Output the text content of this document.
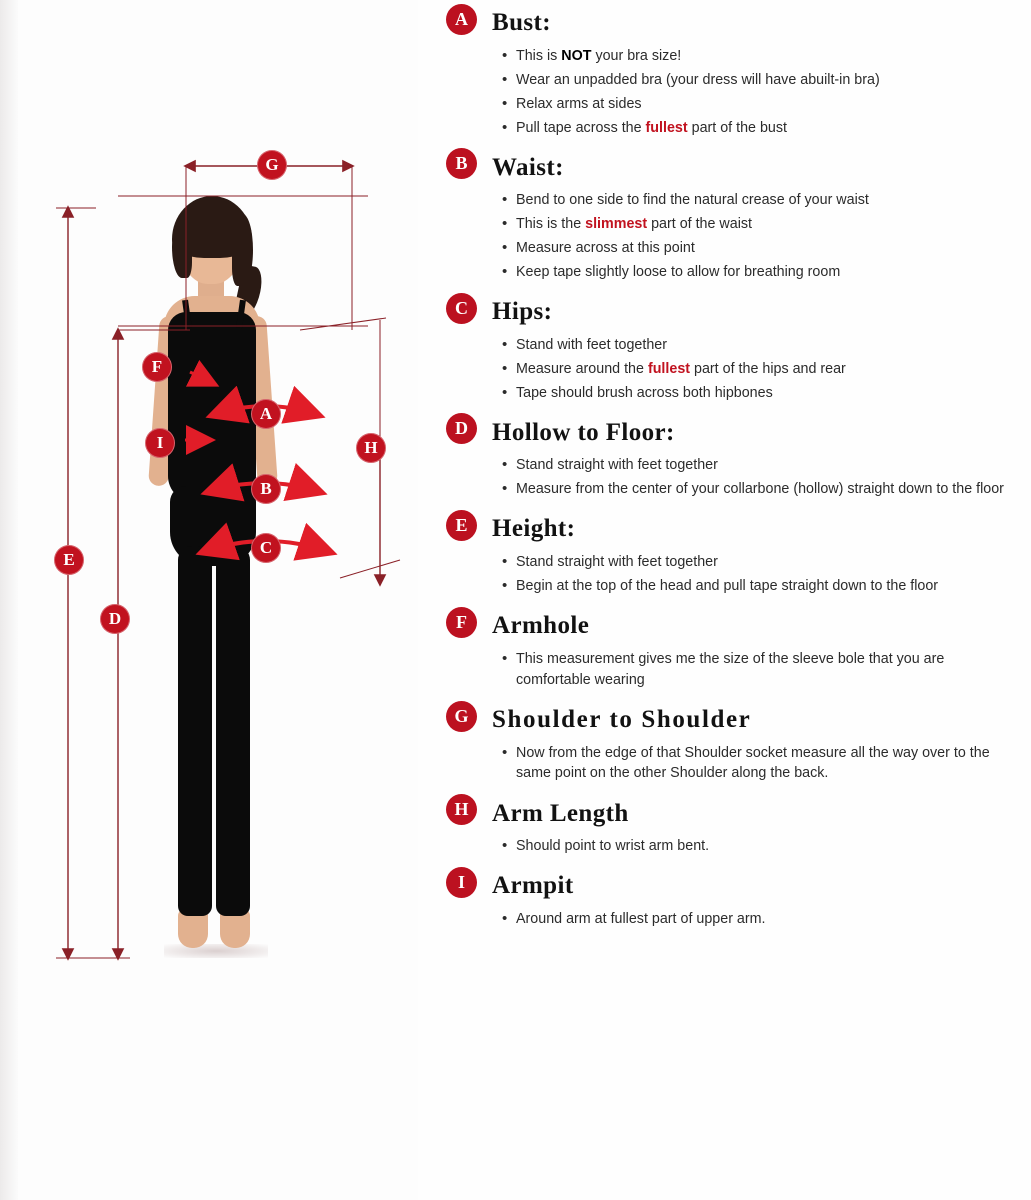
G
F
A
I	H
B
C
E
D
A Bust:
• This is NOT your bra size!
• Wear an unpadded bra (your dress will have abuilt-in bra)
• Relax arms at sides
• Pull tape across the fullest part of the bust
B Waist:
• Bend to one side to find the natural crease of your waist
• This is the slimmest part of the waist
• Measure across at this point
• Keep tape slightly loose to allow for breathing room
C Hips:
• Stand with feet together
• Measure around the fullest part of the hips and rear
• Tape should brush across both hipbones
D Hollow to Floor:
• Stand straight with feet together
• Measure from the center of your collarbone (hollow) straight down to the floor
E Height:
• Stand straight with feet together
• Begin at the top of the head and pull tape straight down to the floor
F	Armhole
• This measurement gives me the size of the sleeve bole that you are comfortable wearing
G Shoulder to Shoulder
• Now from the edge of that Shoulder socket measure all the way over to the same point on the other Shoulder along the back.
H Arm Length
• Should point to wrist arm bent.
I	Armpit
• Around arm at fullest part of upper arm.
